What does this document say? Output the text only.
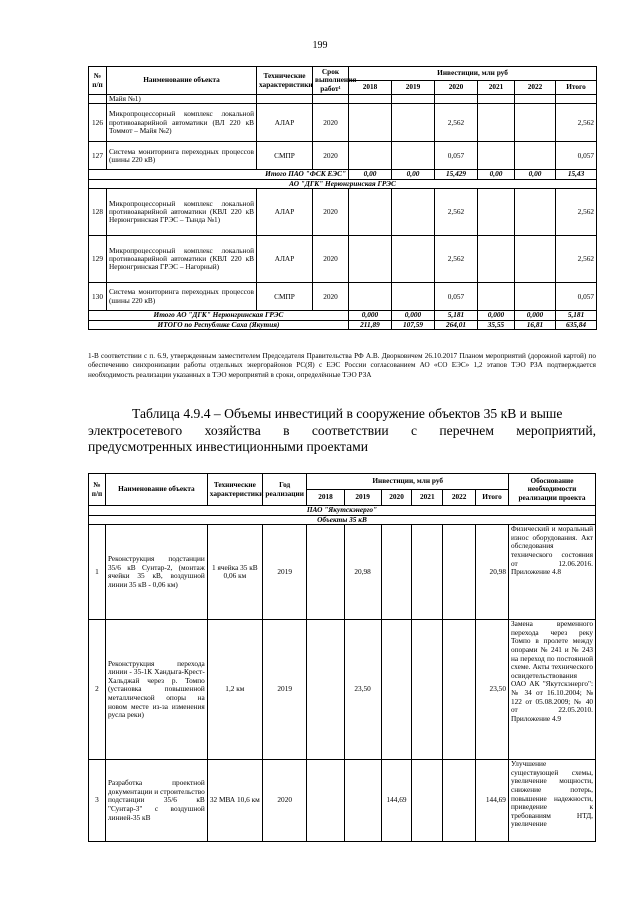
199
№ п/п	Наименование объекта	Технические характеристики	Срок выполнения работ¹	Инвестиции, млн руб					
				2018	2019	2020	2021	2022	Итого
	Майя №1)								
126	Микропроцессорный комплекс локальной противоаварийной автоматики (ВЛ 220 кВ Томмот – Майя №2)	АЛАР	2020			2,562			2,562
127	Система мониторинга переходных процессов (шины 220 кВ)	СМПР	2020			0,057			0,057
Итого ПАО "ФСК ЕЭС"				0,00	0,00	15,429	0,00	0,00	15,43
АО "ДГК" Нерюнгринская ГРЭС									
128	Микропроцессорный комплекс локальной противоаварийной автоматики (КВЛ 220 кВ Нерюнгринская ГРЭС – Тында №1)	АЛАР	2020			2,562			2,562
129	Микропроцессорный комплекс локальной противоаварийной автоматики (КВЛ 220 кВ Нерюнгринская ГРЭС – Нагорный)	АЛАР	2020			2,562			2,562
130	Система мониторинга переходных процессов (шины 220 кВ)	СМПР	2020			0,057			0,057
Итого АО "ДГК" Нерюнгринская ГРЭС				0,000	0,000	5,181	0,000	0,000	5,181
ИТОГО по Республике Саха (Якутия)				211,89	107,59	264,01	35,55	16,81	635,84
1-В соответствии с п. 6.9, утвержденным заместителем Председателя Правительства РФ А.В. Дворковичем 26.10.2017 Планом мероприятий (дорожной картой) по обеспечению синхронизации работы отдельных энергорайонов РС(Я) с ЕЭС России согласованием АО «СО ЕЭС» 1,2 этапов ТЭО РЗА подтверждается необходимость реализации указанных в ТЭО мероприятий в сроки, определённые ТЭО РЗА
Таблица 4.9.4 – Объемы инвестиций в сооружение объектов 35 кВ и выше
электросетевого хозяйства в соответствии с перечнем мероприятий,
предусмотренных инвестиционными проектами
№ п/п	Наименование объекта	Технические характеристики	Год реализации	Инвестиции, млн руб						Обоснование необходимости реализации проекта
				2018	2019	2020	2021	2022	Итого	
ПАО "Якутскэнерго"										
Объекты 35 кВ										
1	Реконструкция подстанции 35/6 кВ Сунтар-2, (монтаж ячейки 35 кВ, воздушной линии 35 кВ - 0,06 км)	1 ячейка 35 кВ 0,06 км	2019		20,98				20,98	Физический и моральный износ оборудования. Акт обследования технического состояния от 12.06.2016. Приложение 4.8
2	Реконструкция перехода линии - 35-1К Хандыга-Крест-Хальджай через р. Томпо (установка повышенной металлической опоры на новом месте из-за изменения русла реки)	1,2 км	2019		23,50				23,50	Замена временного перехода через реку Томпо в пролете между опорами № 241 и № 243 на переход по постоянной схеме. Акты технического освидетельствования ОАО АК "Якутскэнерго": № 34 от 16.10.2004; № 122 от 05.08.2009; № 40 от 22.05.2010. Приложение 4.9
3	Разработка проектной документации и строительство подстанции 35/6 кВ "Сунтар-3" с воздушной линией-35 кВ	32 МВА 10,6 км	2020			144,69			144,69	Улучшение существующей схемы, увеличение мощности, снижение потерь, повышение надежности, приведение к требованиям НТД, увеличение
